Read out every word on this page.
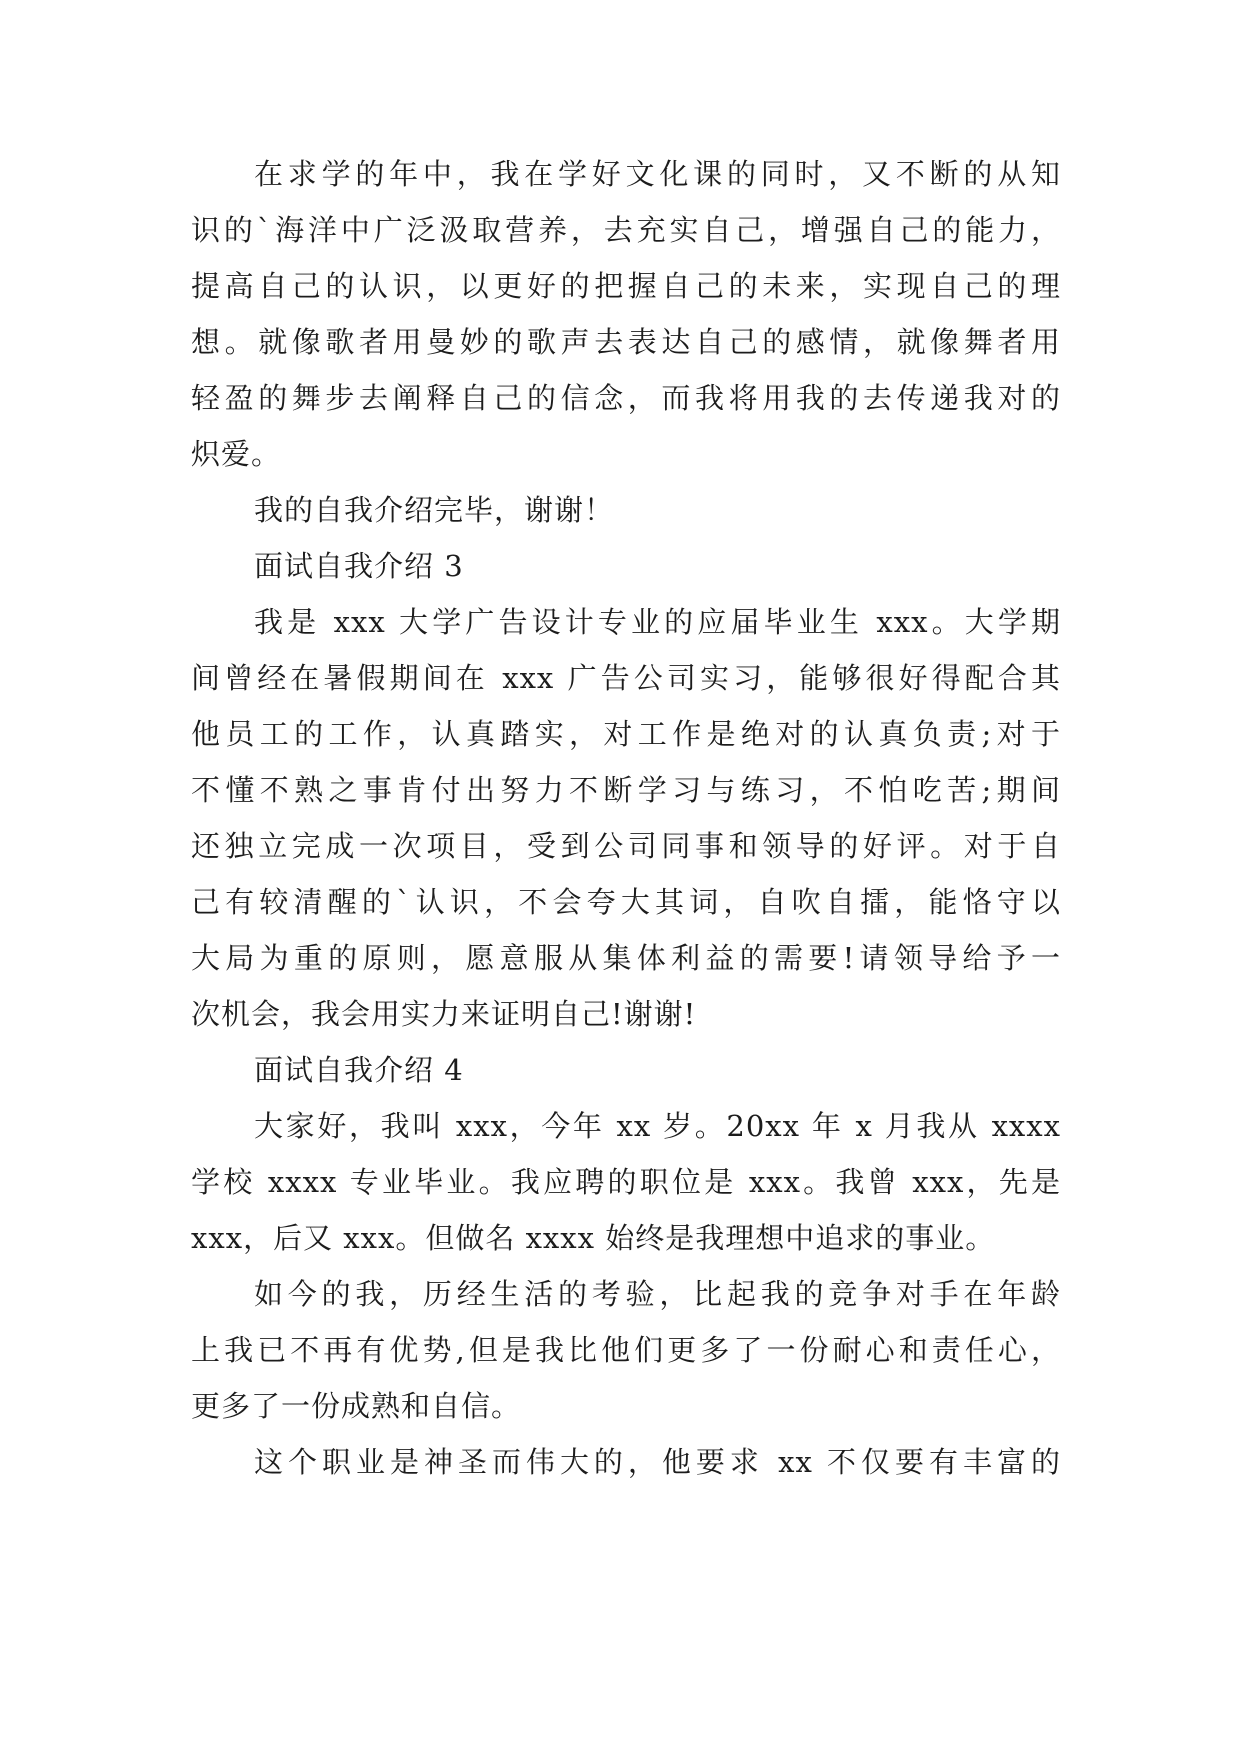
在求学的年中，我在学好文化课的同时，又不断的从知
识的`海洋中广泛汲取营养，去充实自己，增强自己的能力，
提高自己的认识，以更好的把握自己的未来，实现自己的理
想。就像歌者用曼妙的歌声去表达自己的感情，就像舞者用
轻盈的舞步去阐释自己的信念，而我将用我的去传递我对的
炽爱。
我的自我介绍完毕，谢谢！
面试自我介绍 3
我是 xxx 大学广告设计专业的应届毕业生 xxx。大学期
间曾经在暑假期间在 xxx 广告公司实习，能够很好得配合其
他员工的工作，认真踏实，对工作是绝对的认真负责;对于
不懂不熟之事肯付出努力不断学习与练习，不怕吃苦;期间
还独立完成一次项目，受到公司同事和领导的好评。对于自
己有较清醒的`认识，不会夸大其词，自吹自擂，能恪守以
大局为重的原则，愿意服从集体利益的需要!请领导给予一
次机会，我会用实力来证明自己!谢谢!
面试自我介绍 4
大家好，我叫 xxx，今年 xx 岁。20xx 年 x 月我从 xxxx
学校 xxxx 专业毕业。我应聘的职位是 xxx。我曾 xxx，先是
xxx，后又 xxx。但做名 xxxx 始终是我理想中追求的事业。
如今的我，历经生活的考验，比起我的竞争对手在年龄
上我已不再有优势,但是我比他们更多了一份耐心和责任心，
更多了一份成熟和自信。
这个职业是神圣而伟大的，他要求 xx 不仅要有丰富的
